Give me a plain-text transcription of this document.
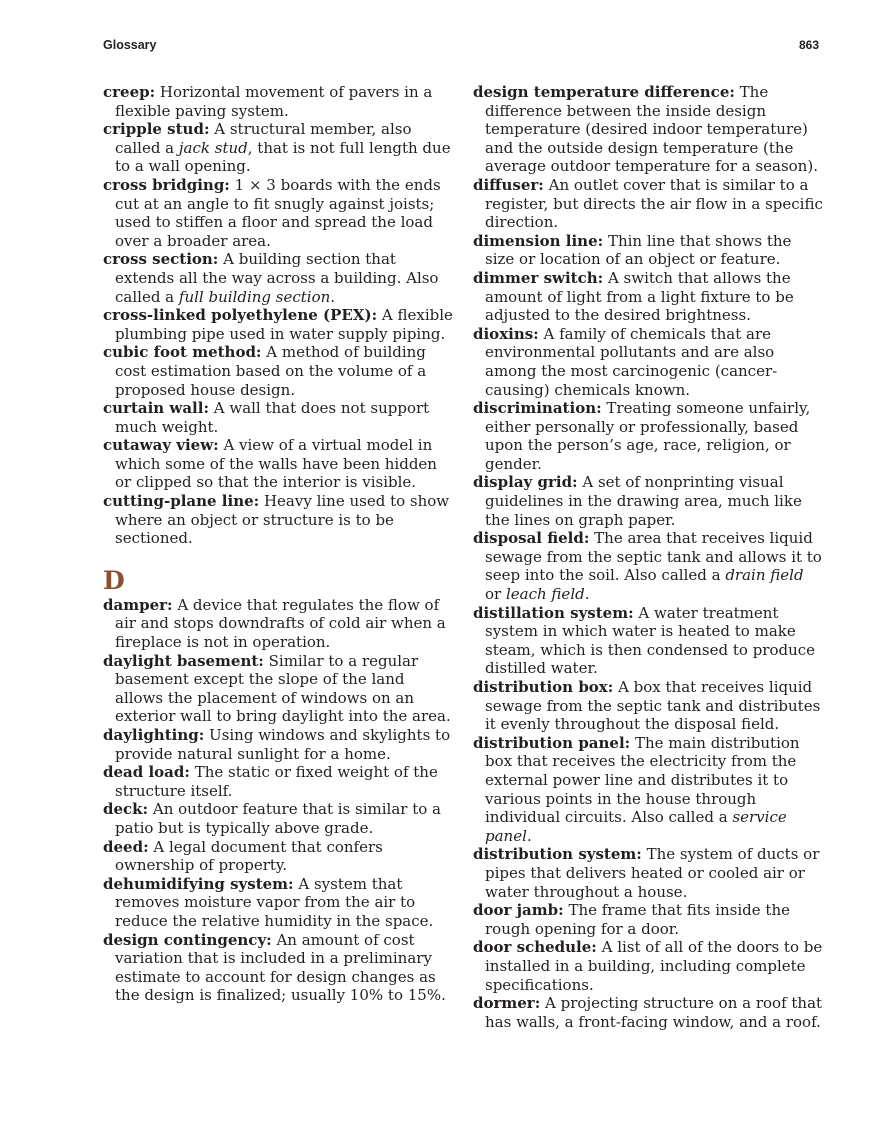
Glossary	863

creep: Horizontal movement of pavers in a flexible paving system.

cripple stud: A structural member, also called a jack stud, that is not full length due to a wall opening.

cross bridging: 1 × 3 boards with the ends cut at an angle to fit snugly against joists; used to stiffen a floor and spread the load over a broader area.

cross section: A building section that extends all the way across a building. Also called a full building section.

cross-linked polyethylene (PEX): A flexible plumbing pipe used in water supply piping.

cubic foot method: A method of building cost estimation based on the volume of a proposed house design.

curtain wall: A wall that does not support much weight.

cutaway view: A view of a virtual model in which some of the walls have been hidden or clipped so that the interior is visible.

cutting-plane line: Heavy line used to show where an object or structure is to be sectioned.

D

damper: A device that regulates the flow of air and stops downdrafts of cold air when a fireplace is not in operation.

daylight basement: Similar to a regular basement except the slope of the land allows the placement of windows on an exterior wall to bring daylight into the area.

daylighting: Using windows and skylights to provide natural sunlight for a home.

dead load: The static or fixed weight of the structure itself.

deck: An outdoor feature that is similar to a patio but is typically above grade.

deed: A legal document that confers ownership of property.

dehumidifying system: A system that removes moisture vapor from the air to reduce the relative humidity in the space.

design contingency: An amount of cost variation that is included in a preliminary estimate to account for design changes as the design is finalized; usually 10% to 15%.

design temperature difference: The difference between the inside design temperature (desired indoor temperature) and the outside design temperature (the average outdoor temperature for a season).

diffuser: An outlet cover that is similar to a register, but directs the air flow in a specific direction.

dimension line: Thin line that shows the size or location of an object or feature.

dimmer switch: A switch that allows the amount of light from a light fixture to be adjusted to the desired brightness.

dioxins: A family of chemicals that are environmental pollutants and are also among the most carcinogenic (cancer-causing) chemicals known.

discrimination: Treating someone unfairly, either personally or professionally, based upon the person’s age, race, religion, or gender.

display grid: A set of nonprinting visual guidelines in the drawing area, much like the lines on graph paper.

disposal field: The area that receives liquid sewage from the septic tank and allows it to seep into the soil. Also called a drain field or leach field.

distillation system: A water treatment system in which water is heated to make steam, which is then condensed to produce distilled water.

distribution box: A box that receives liquid sewage from the septic tank and distributes it evenly throughout the disposal field.

distribution panel: The main distribution box that receives the electricity from the external power line and distributes it to various points in the house through individual circuits. Also called a service panel.

distribution system: The system of ducts or pipes that delivers heated or cooled air or water throughout a house.

door jamb: The frame that fits inside the rough opening for a door.

door schedule: A list of all of the doors to be installed in a building, including complete specifications.

dormer: A projecting structure on a roof that has walls, a front-facing window, and a roof.
